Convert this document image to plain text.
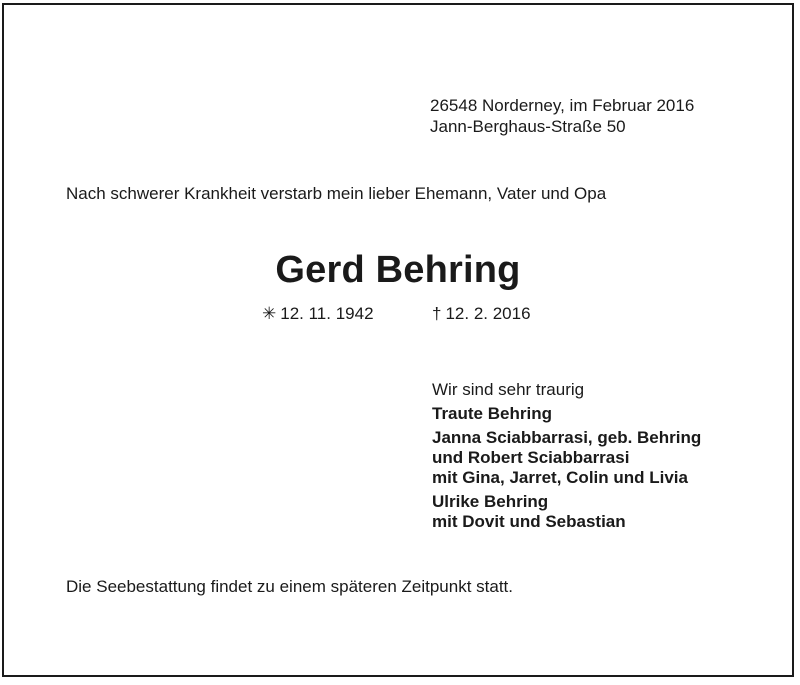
26548 Norderney, im Februar 2016
Jann-Berghaus-Straße 50
Nach schwerer Krankheit verstarb mein lieber Ehemann, Vater und Opa
Gerd Behring
✳ 12. 11. 1942	† 12. 2. 2016
Wir sind sehr traurig
Traute Behring
Janna Sciabbarrasi, geb. Behring
und Robert Sciabbarrasi
mit Gina, Jarret, Colin und Livia
Ulrike Behring
mit Dovit und Sebastian
Die Seebestattung findet zu einem späteren Zeitpunkt statt.
